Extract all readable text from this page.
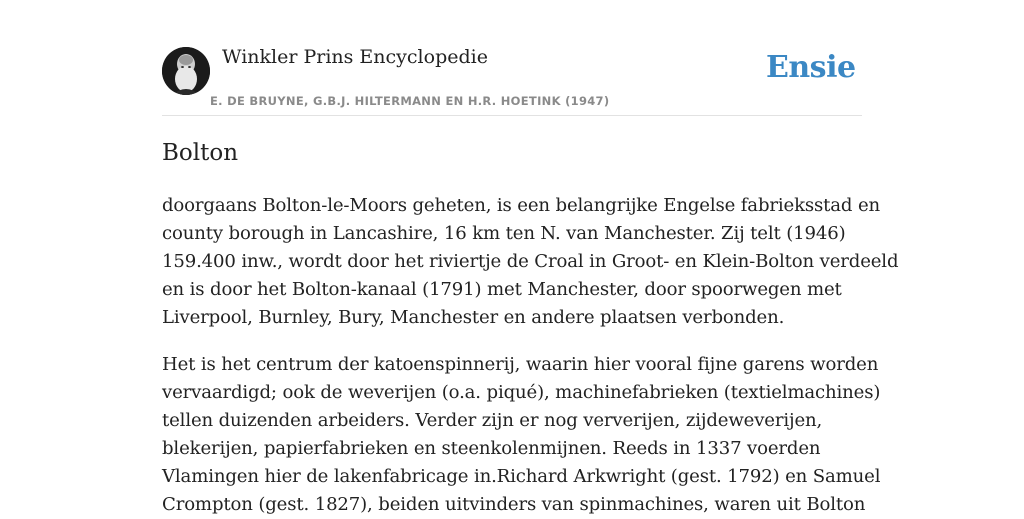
Winkler Prins Encyclopedie
E. DE BRUYNE, G.B.J. HILTERMANN EN H.R. HOETINK (1947)
Ensie
Bolton

doorgaans Bolton-le-Moors geheten, is een belangrijke Engelse fabrieksstad en
county borough in Lancashire, 16 km ten N. van Manchester. Zij telt (1946)
159.400 inw., wordt door het riviertje de Croal in Groot- en Klein-Bolton verdeeld
en is door het Bolton-kanaal (1791) met Manchester, door spoorwegen met
Liverpool, Burnley, Bury, Manchester en andere plaatsen verbonden.

Het is het centrum der katoenspinnerij, waarin hier vooral fijne garens worden
vervaardigd; ook de weverijen (o.a. piqué), machinefabrieken (textielmachines)
tellen duizenden arbeiders. Verder zijn er nog ververijen, zijdeweverijen,
blekerijen, papierfabrieken en steenkolenmijnen. Reeds in 1337 voerden
Vlamingen hier de lakenfabricage in.Richard Arkwright (gest. 1792) en Samuel
Crompton (gest. 1827), beiden uitvinders van spinmachines, waren uit Bolton
